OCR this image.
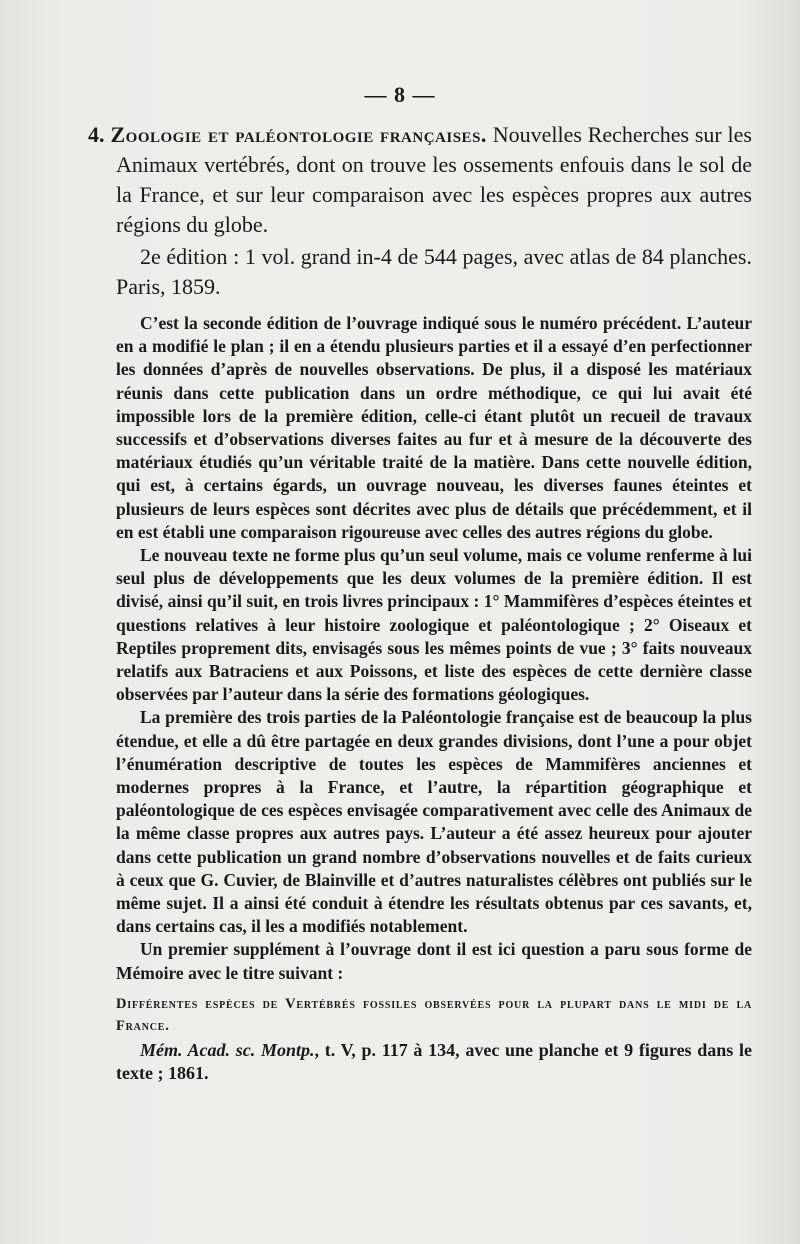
— 8 —

4. Zoologie et paléontologie françaises. Nouvelles Recherches sur les Animaux vertébrés, dont on trouve les ossements enfouis dans le sol de la France, et sur leur comparaison avec les espèces propres aux autres régions du globe.

2e édition : 1 vol. grand in-4 de 544 pages, avec atlas de 84 planches. Paris, 1859.

C’est la seconde édition de l’ouvrage indiqué sous le numéro précédent. L’auteur en a modifié le plan ; il en a étendu plusieurs parties et il a essayé d’en perfectionner les données d’après de nouvelles observations. De plus, il a disposé les matériaux réunis dans cette publication dans un ordre méthodique, ce qui lui avait été impossible lors de la première édition, celle-ci étant plutôt un recueil de travaux successifs et d’observations diverses faites au fur et à mesure de la découverte des matériaux étudiés qu’un véritable traité de la matière. Dans cette nouvelle édition, qui est, à certains égards, un ouvrage nouveau, les diverses faunes éteintes et plusieurs de leurs espèces sont décrites avec plus de détails que précédemment, et il en est établi une comparaison rigoureuse avec celles des autres régions du globe.

Le nouveau texte ne forme plus qu’un seul volume, mais ce volume renferme à lui seul plus de développements que les deux volumes de la première édition. Il est divisé, ainsi qu’il suit, en trois livres principaux : 1° Mammifères d’espèces éteintes et questions relatives à leur histoire zoologique et paléontologique ; 2° Oiseaux et Reptiles proprement dits, envisagés sous les mêmes points de vue ; 3° faits nouveaux relatifs aux Batraciens et aux Poissons, et liste des espèces de cette dernière classe observées par l’auteur dans la série des formations géologiques.

La première des trois parties de la Paléontologie française est de beaucoup la plus étendue, et elle a dû être partagée en deux grandes divisions, dont l’une a pour objet l’énumération descriptive de toutes les espèces de Mammifères anciennes et modernes propres à la France, et l’autre, la répartition géographique et paléontologique de ces espèces envisagée comparativement avec celle des Animaux de la même classe propres aux autres pays. L’auteur a été assez heureux pour ajouter dans cette publication un grand nombre d’observations nouvelles et de faits curieux à ceux que G. Cuvier, de Blainville et d’autres naturalistes célèbres ont publiés sur le même sujet. Il a ainsi été conduit à étendre les résultats obtenus par ces savants, et, dans certains cas, il les a modifiés notablement.

Un premier supplément à l’ouvrage dont il est ici question a paru sous forme de Mémoire avec le titre suivant :

Différentes espèces de Vertébrés fossiles observées pour la plupart dans le midi de la France.

Mém. Acad. sc. Montp., t. V, p. 117 à 134, avec une planche et 9 figures dans le texte ; 1861.
